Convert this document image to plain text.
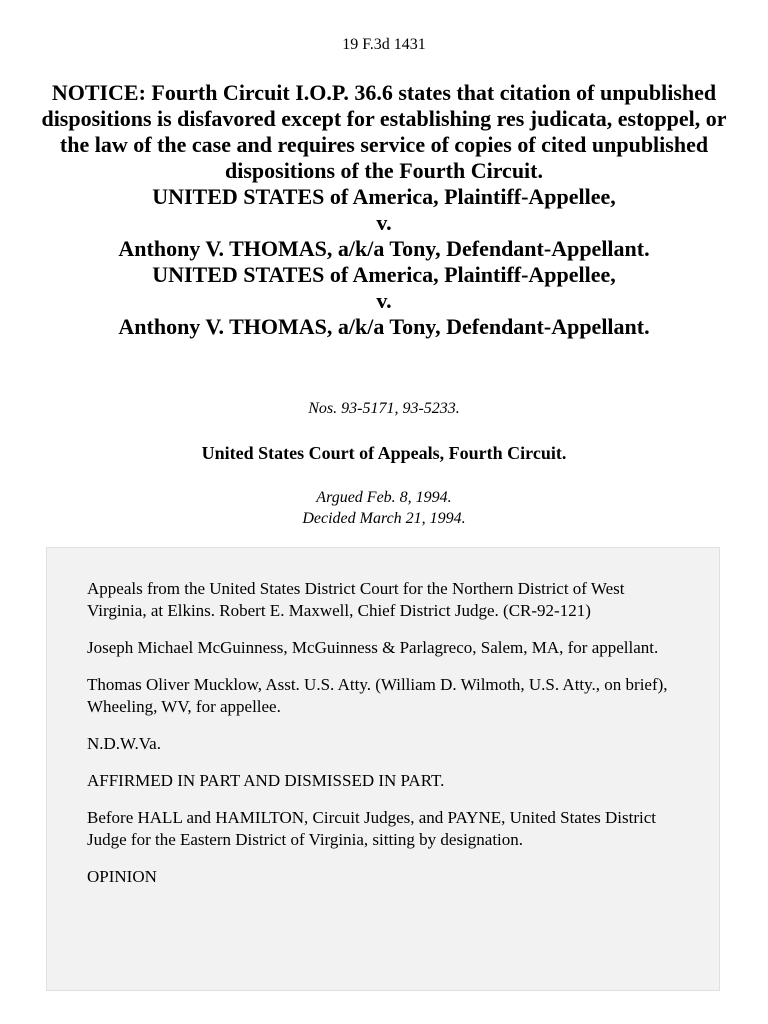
19 F.3d 1431
NOTICE: Fourth Circuit I.O.P. 36.6 states that citation of unpublished dispositions is disfavored except for establishing res judicata, estoppel, or the law of the case and requires service of copies of cited unpublished dispositions of the Fourth Circuit.
UNITED STATES of America, Plaintiff-Appellee,
v.
Anthony V. THOMAS, a/k/a Tony, Defendant-Appellant.
UNITED STATES of America, Plaintiff-Appellee,
v.
Anthony V. THOMAS, a/k/a Tony, Defendant-Appellant.
Nos. 93-5171, 93-5233.
United States Court of Appeals, Fourth Circuit.
Argued Feb. 8, 1994.
Decided March 21, 1994.

Appeals from the United States District Court for the Northern District of West Virginia, at Elkins. Robert E. Maxwell, Chief District Judge. (CR-92-121)

Joseph Michael McGuinness, McGuinness & Parlagreco, Salem, MA, for appellant.

Thomas Oliver Mucklow, Asst. U.S. Atty. (William D. Wilmoth, U.S. Atty., on brief), Wheeling, WV, for appellee.

N.D.W.Va.

AFFIRMED IN PART AND DISMISSED IN PART.

Before HALL and HAMILTON, Circuit Judges, and PAYNE, United States District Judge for the Eastern District of Virginia, sitting by designation.

OPINION
